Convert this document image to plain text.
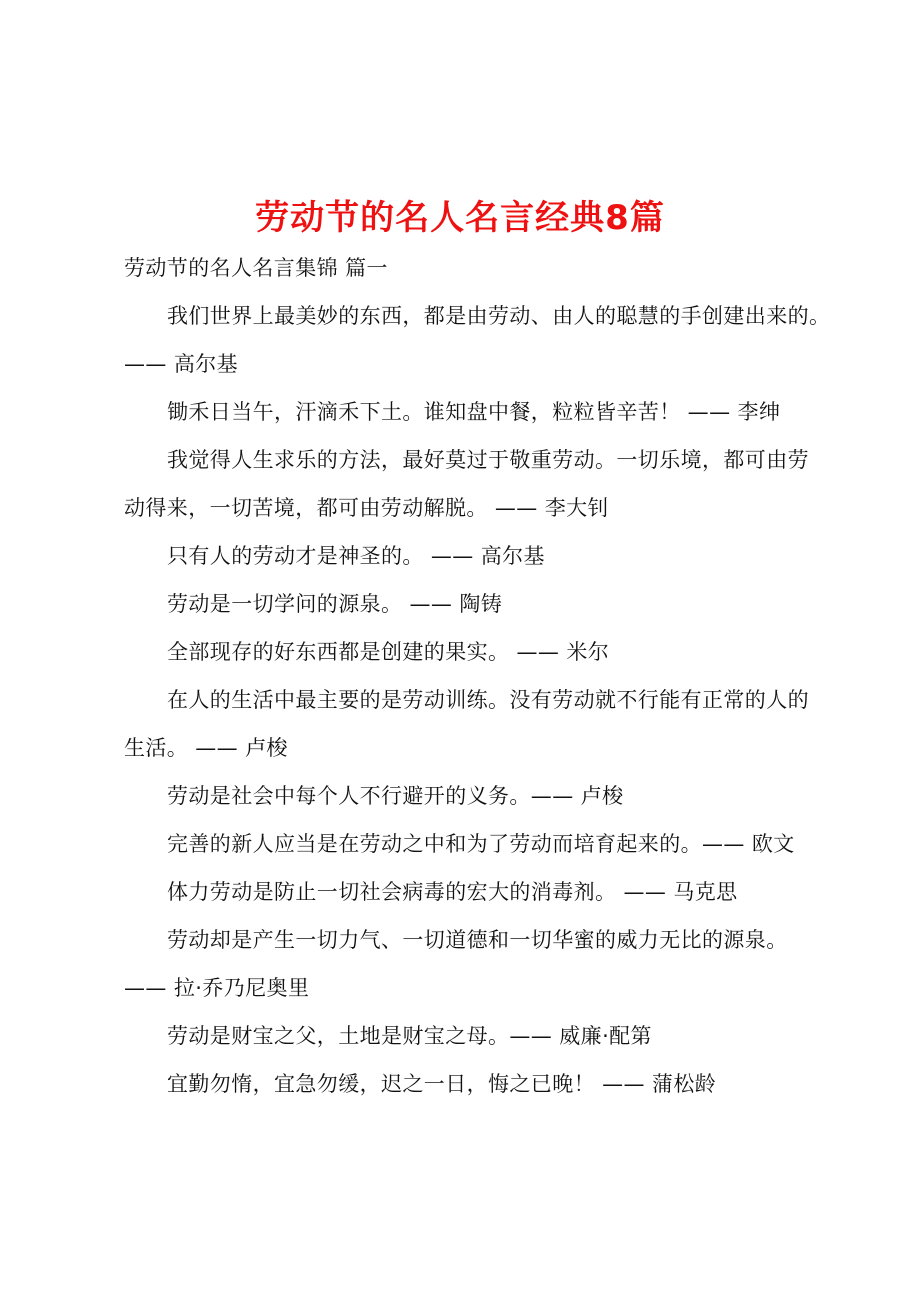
劳动节的名人名言经典8篇
劳动节的名人名言集锦 篇一
我们世界上最美妙的东西，都是由劳动、由人的聪慧的手创建出来的。
—— 高尔基
锄禾日当午，汗滴禾下土。谁知盘中餐，粒粒皆辛苦！ —— 李绅
我觉得人生求乐的方法，最好莫过于敬重劳动。一切乐境，都可由劳
动得来，一切苦境，都可由劳动解脱。 —— 李大钊
只有人的劳动才是神圣的。 —— 高尔基
劳动是一切学问的源泉。 —— 陶铸
全部现存的好东西都是创建的果实。 —— 米尔
在人的生活中最主要的是劳动训练。没有劳动就不行能有正常的人的
生活。 —— 卢梭
劳动是社会中每个人不行避开的义务。—— 卢梭
完善的新人应当是在劳动之中和为了劳动而培育起来的。—— 欧文
体力劳动是防止一切社会病毒的宏大的消毒剂。 —— 马克思
劳动却是产生一切力气、一切道德和一切华蜜的威力无比的源泉。
—— 拉·乔乃尼奥里
劳动是财宝之父，土地是财宝之母。—— 威廉·配第
宜勤勿惰，宜急勿缓，迟之一日，悔之已晚！ —— 蒲松龄
